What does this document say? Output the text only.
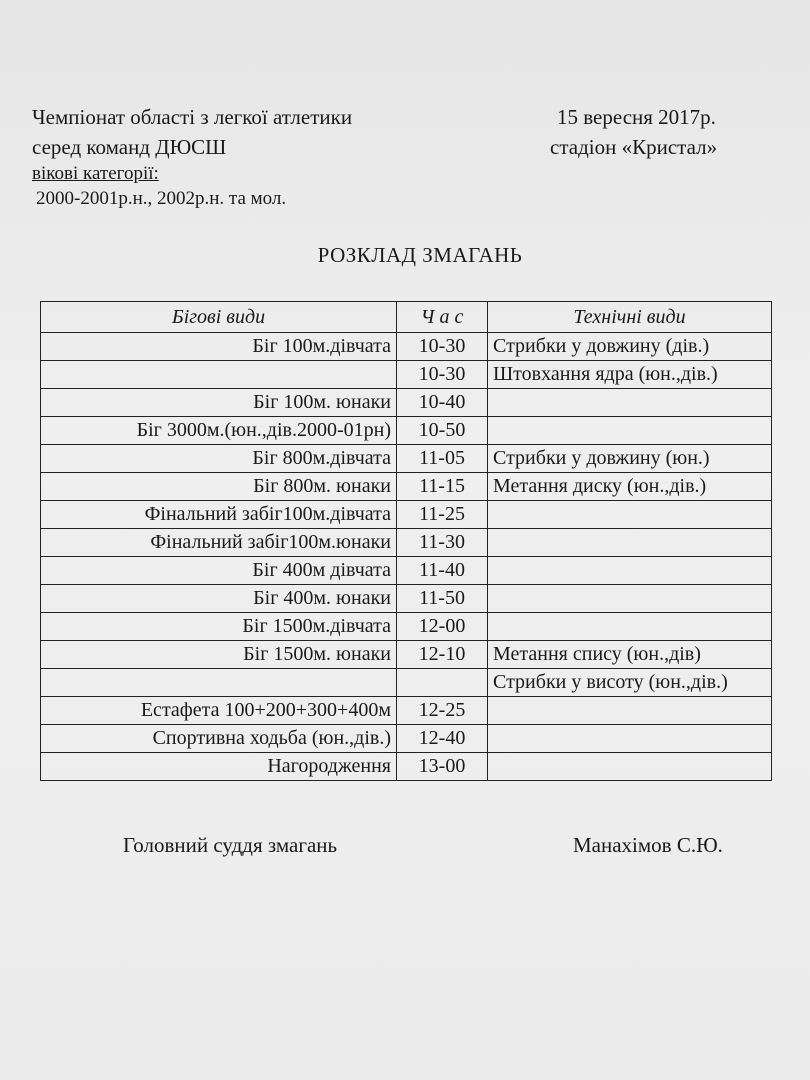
Чемпіонат області з легкої атлетики
серед команд ДЮСШ
вікові категорії:
2000-2001р.н., 2002р.н. та мол.
15 вересня 2017р.
стадіон «Кристал»
РОЗКЛАД ЗМАГАНЬ
Бігові види	Ч а с	Технічні види
Біг 100м.дівчата	10-30	Стрибки у довжину (дів.)
	10-30	Штовхання ядра (юн.,дів.)
Біг 100м. юнаки	10-40	
Біг 3000м.(юн.,дів.2000-01рн)	10-50	
Біг 800м.дівчата	11-05	Стрибки у довжину (юн.)
Біг 800м. юнаки	11-15	Метання диску (юн.,дів.)
Фінальний забіг100м.дівчата	11-25	
Фінальний забіг100м.юнаки	11-30	
Біг 400м дівчата	11-40	
Біг 400м. юнаки	11-50	
Біг 1500м.дівчата	12-00	
Біг 1500м. юнаки	12-10	Метання спису (юн.,дів)
		Стрибки у висоту (юн.,дів.)
Естафета 100+200+300+400м	12-25	
Спортивна ходьба (юн.,дів.)	12-40	
Нагородження	13-00	
Головний суддя змагань	Манахімов С.Ю.
